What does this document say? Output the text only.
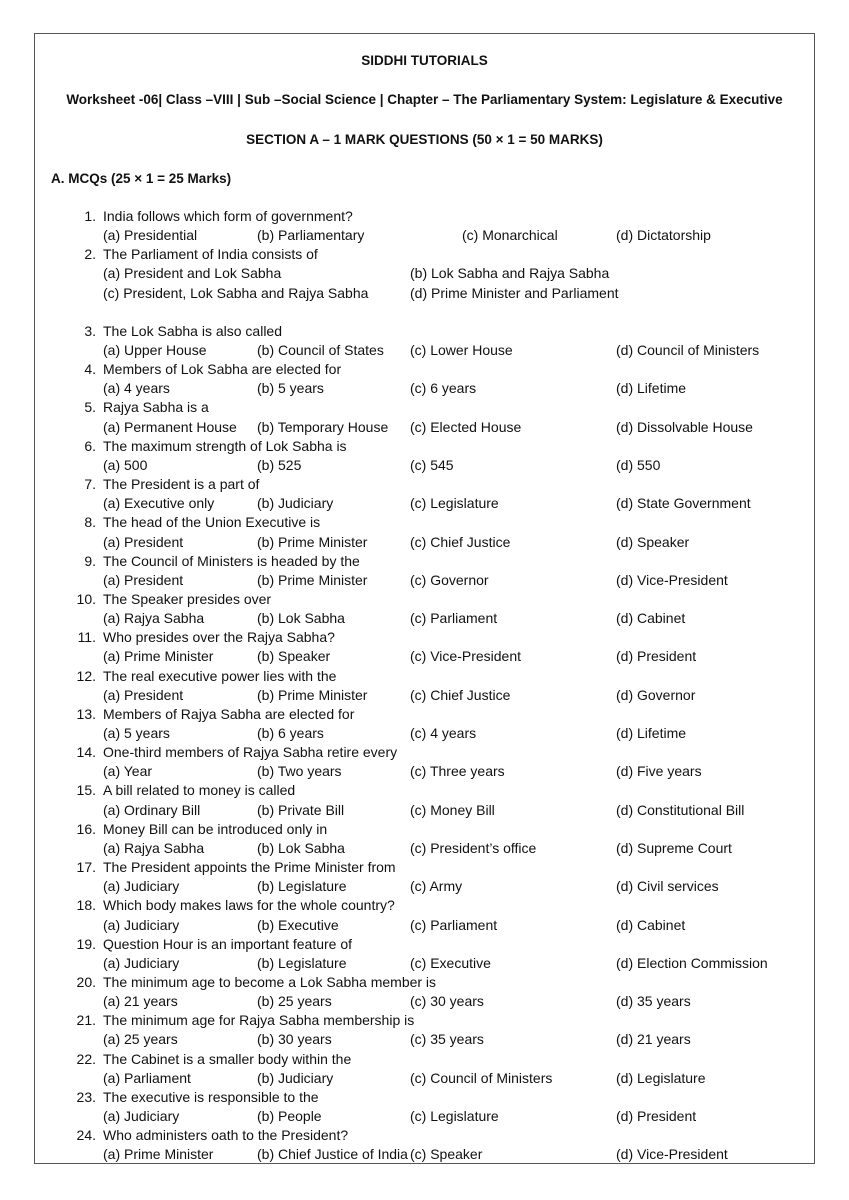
SIDDHI TUTORIALS
Worksheet -06| Class –VIII | Sub –Social Science | Chapter – The Parliamentary System: Legislature & Executive
SECTION A – 1 MARK QUESTIONS (50 × 1 = 50 MARKS)
A. MCQs (25 × 1 = 25 Marks)
1. India follows which form of government?
(a) Presidential	(b) Parliamentary	(c) Monarchical	(d) Dictatorship
2. The Parliament of India consists of
(a) President and Lok Sabha	(b) Lok Sabha and Rajya Sabha
(c) President, Lok Sabha and Rajya Sabha	(d) Prime Minister and Parliament
3. The Lok Sabha is also called
(a) Upper House	(b) Council of States (c) Lower House	(d) Council of Ministers
4. Members of Lok Sabha are elected for
(a) 4 years	(b) 5 years	(c) 6 years	(d) Lifetime
5. Rajya Sabha is a
(a) Permanent House (b) Temporary House (c) Elected House	(d) Dissolvable House
6. The maximum strength of Lok Sabha is
(a) 500	(b) 525	(c) 545	(d) 550
7. The President is a part of
(a) Executive only	(b) Judiciary	(c) Legislature	(d) State Government
8. The head of the Union Executive is
(a) President	(b) Prime Minister	(c) Chief Justice	(d) Speaker
9. The Council of Ministers is headed by the
(a) President	(b) Prime Minister	(c) Governor	(d) Vice-President
10. The Speaker presides over
(a) Rajya Sabha	(b) Lok Sabha	(c) Parliament	(d) Cabinet
11. Who presides over the Rajya Sabha?
(a) Prime Minister	(b) Speaker	(c) Vice-President	(d) President
12. The real executive power lies with the
(a) President	(b) Prime Minister	(c) Chief Justice	(d) Governor
13. Members of Rajya Sabha are elected for
(a) 5 years	(b) 6 years	(c) 4 years	(d) Lifetime
14. One-third members of Rajya Sabha retire every
(a) Year	(b) Two years	(c) Three years	(d) Five years
15. A bill related to money is called
(a) Ordinary Bill	(b) Private Bill	(c) Money Bill	(d) Constitutional Bill
16. Money Bill can be introduced only in
(a) Rajya Sabha	(b) Lok Sabha	(c) President’s office	(d) Supreme Court
17. The President appoints the Prime Minister from
(a) Judiciary	(b) Legislature	(c) Army	(d) Civil services
18. Which body makes laws for the whole country?
(a) Judiciary	(b) Executive	(c) Parliament	(d) Cabinet
19. Question Hour is an important feature of
(a) Judiciary	(b) Legislature	(c) Executive	(d) Election Commission
20. The minimum age to become a Lok Sabha member is
(a) 21 years	(b) 25 years	(c) 30 years	(d) 35 years
21. The minimum age for Rajya Sabha membership is
(a) 25 years	(b) 30 years	(c) 35 years	(d) 21 years
22. The Cabinet is a smaller body within the
(a) Parliament	(b) Judiciary	(c) Council of Ministers	(d) Legislature
23. The executive is responsible to the
(a) Judiciary	(b) People	(c) Legislature	(d) President
24. Who administers oath to the President?
(a) Prime Minister	(b) Chief Justice of India (c) Speaker	(d) Vice-President
